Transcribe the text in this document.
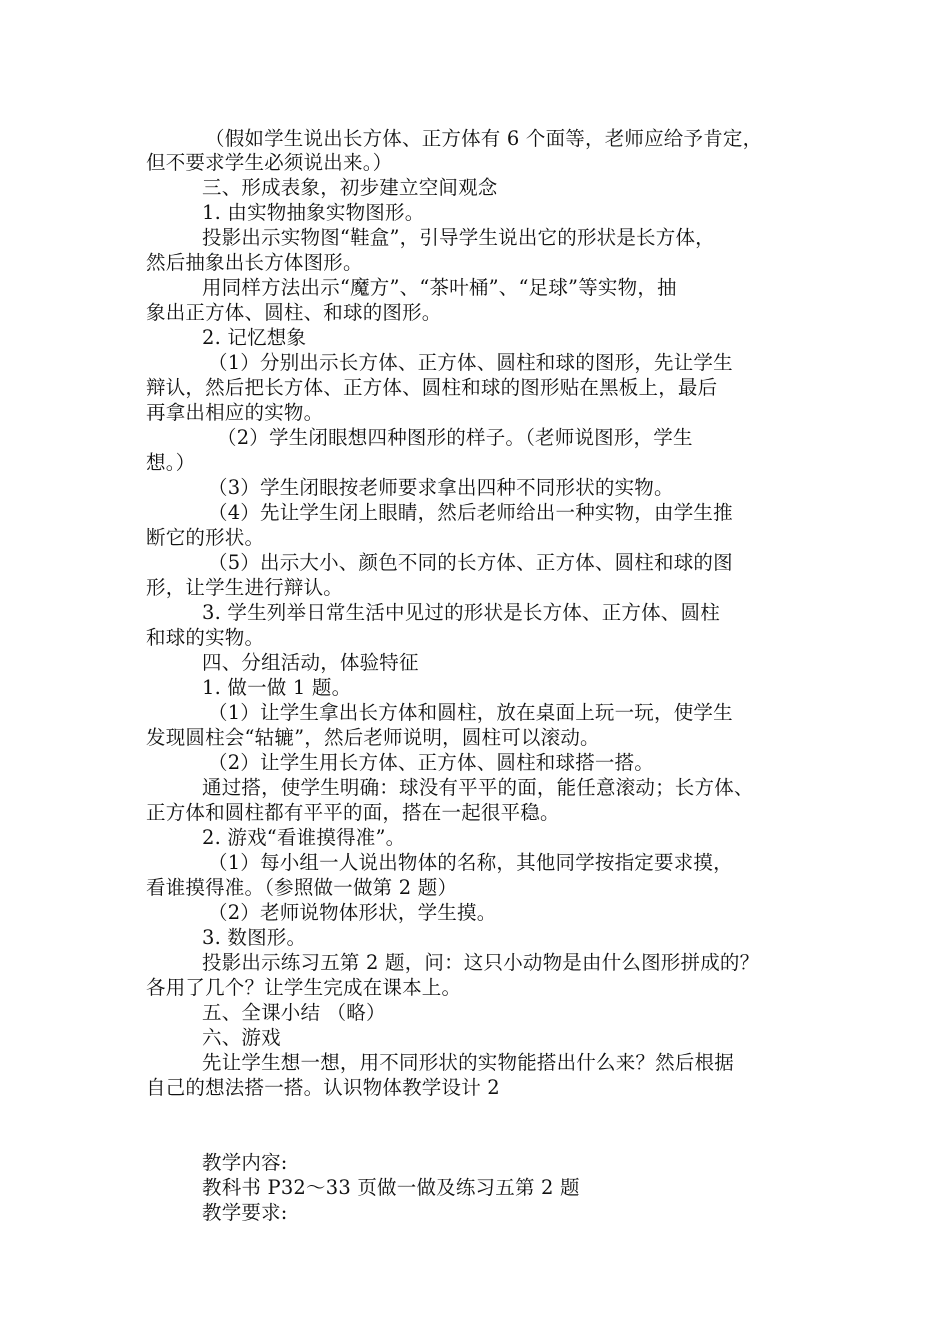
（假如学生说出长方体、正方体有 6 个面等，老师应给予肯定，
但不要求学生必须说出来。）
三、形成表象，初步建立空间观念
1. 由实物抽象实物图形。
投影出示实物图“鞋盒”，引导学生说出它的形状是长方体，
然后抽象出长方体图形。
用同样方法出示“魔方”、“茶叶桶”、“足球”等实物，抽
象出正方体、圆柱、和球的图形。
2. 记忆想象
（1）分别出示长方体、正方体、圆柱和球的图形，先让学生
辩认，然后把长方体、正方体、圆柱和球的图形贴在黑板上，最后
再拿出相应的实物。
（2）学生闭眼想四种图形的样子。（老师说图形，学生
想。）
（3）学生闭眼按老师要求拿出四种不同形状的实物。
（4）先让学生闭上眼睛，然后老师给出一种实物，由学生推
断它的形状。
（5）出示大小、颜色不同的长方体、正方体、圆柱和球的图
形，让学生进行辩认。
3. 学生列举日常生活中见过的形状是长方体、正方体、圆柱
和球的实物。
四、分组活动，体验特征
1. 做一做 1 题。
（1）让学生拿出长方体和圆柱，放在桌面上玩一玩，使学生
发现圆柱会“轱辘”，然后老师说明，圆柱可以滚动。
（2）让学生用长方体、正方体、圆柱和球搭一搭。
通过搭，使学生明确：球没有平平的面，能任意滚动；长方体、
正方体和圆柱都有平平的面，搭在一起很平稳。
2. 游戏“看谁摸得准”。
（1）每小组一人说出物体的名称，其他同学按指定要求摸，
看谁摸得准。（参照做一做第 2 题）
（2）老师说物体形状，学生摸。
3. 数图形。
投影出示练习五第 2 题，问：这只小动物是由什么图形拼成的？
各用了几个？让学生完成在课本上。
五、全课小结 （略）
六、游戏
先让学生想一想，用不同形状的实物能搭出什么来？然后根据
自己的想法搭一搭。认识物体教学设计 2
教学内容:
教科书 P32～33 页做一做及练习五第 2 题
教学要求:
